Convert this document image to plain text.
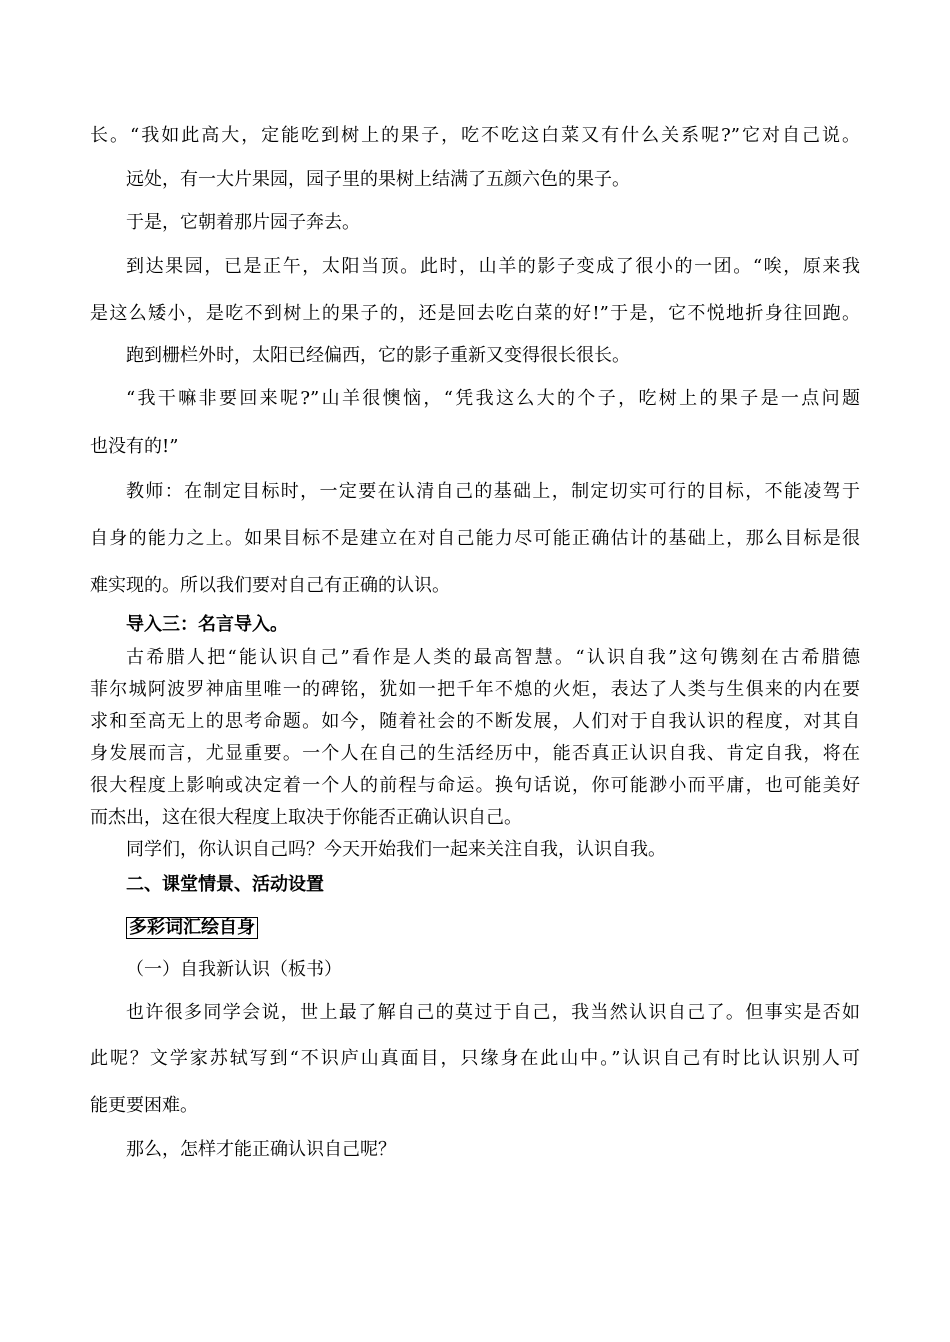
长。“我如此高大，定能吃到树上的果子，吃不吃这白菜又有什么关系呢?”它对自己说。
远处，有一大片果园，园子里的果树上结满了五颜六色的果子。
于是，它朝着那片园子奔去。
到达果园，已是正午，太阳当顶。此时，山羊的影子变成了很小的一团。“唉，原来我
是这么矮小，是吃不到树上的果子的，还是回去吃白菜的好!”于是，它不悦地折身往回跑。
跑到栅栏外时，太阳已经偏西，它的影子重新又变得很长很长。
“我干嘛非要回来呢?”山羊很懊恼，“凭我这么大的个子，吃树上的果子是一点问题
也没有的!”
教师：在制定目标时，一定要在认清自己的基础上，制定切实可行的目标，不能凌驾于
自身的能力之上。如果目标不是建立在对自己能力尽可能正确估计的基础上，那么目标是很
难实现的。所以我们要对自己有正确的认识。
导入三：名言导入。
古希腊人把“能认识自己”看作是人类的最高智慧。“认识自我”这句镌刻在古希腊德
菲尔城阿波罗神庙里唯一的碑铭，犹如一把千年不熄的火炬，表达了人类与生俱来的内在要
求和至高无上的思考命题。如今，随着社会的不断发展，人们对于自我认识的程度，对其自
身发展而言，尤显重要。一个人在自己的生活经历中，能否真正认识自我、肯定自我，将在
很大程度上影响或决定着一个人的前程与命运。换句话说，你可能渺小而平庸，也可能美好
而杰出，这在很大程度上取决于你能否正确认识自己。
同学们，你认识自己吗？今天开始我们一起来关注自我，认识自我。
二、课堂情景、活动设置
多彩词汇绘自身
（一）自我新认识（板书）
也许很多同学会说，世上最了解自己的莫过于自己，我当然认识自己了。但事实是否如
此呢？文学家苏轼写到“不识庐山真面目，只缘身在此山中。”认识自己有时比认识别人可
能更要困难。
那么，怎样才能正确认识自己呢？
